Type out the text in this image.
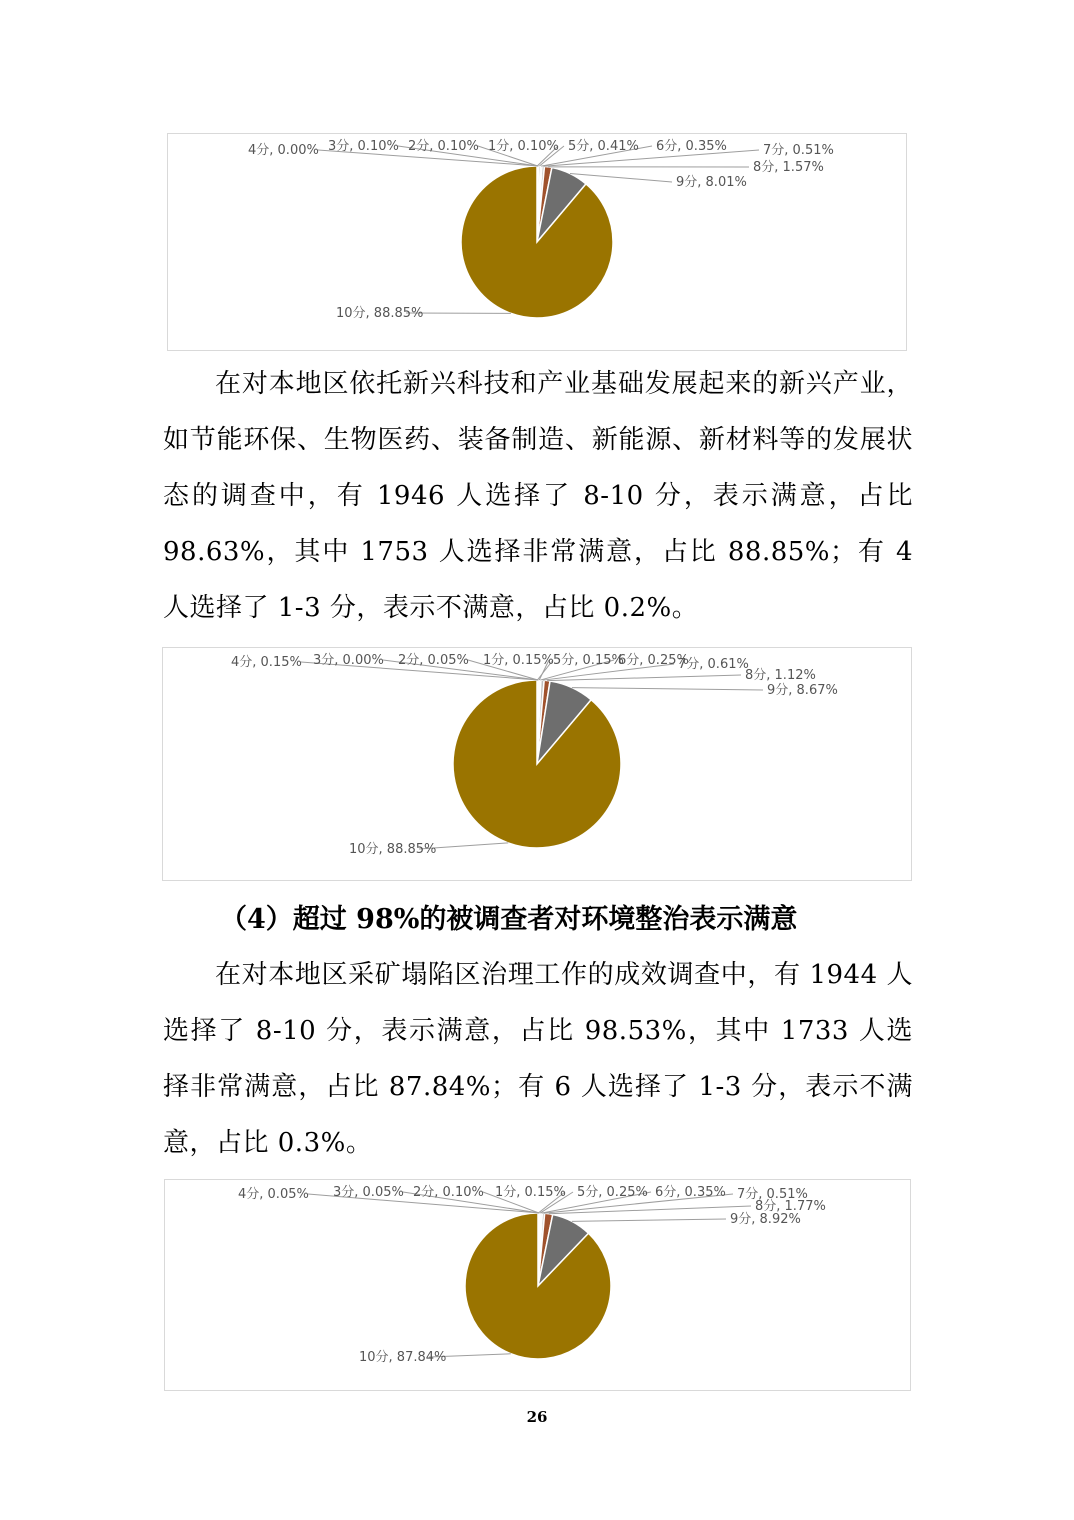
1分, 0.10%
2分, 0.10%
3分, 0.10%
4分, 0.00%	5分, 0.41% 6分, 0.35%	7分, 0.51%
8分, 1.57%
9分, 8.01%
10分, 88.85%

在对本地区依托新兴科技和产业基础发展起来的新兴产业，如节能环保、生物医药、装备制造、新能源、新材料等的发展状态的调查中，有 1946 人选择了 8-10 分，表示满意，占比 98.63%，其中 1753 人选择非常满意，占比 88.85%；有 4 人选择了 1-3 分，表示不满意，占比 0.2%。

1分, 0.15%
2分, 0.05%
3分, 0.00%
4分, 0.15%	5分, 0.15%
6分, 0.25%
7分, 0.61%
8分, 1.12%
9分, 8.67%
10分, 88.85%
（4）超过 98%的被调查者对环境整治表示满意

在对本地区采矿塌陷区治理工作的成效调查中，有 1944 人选择了 8-10 分，表示满意，占比 98.53%，其中 1733 人选择非常满意，占比 87.84%；有 6 人选择了 1-3 分，表示不满意，占比 0.3%。

1分, 0.15%
2分, 0.10%
3分, 0.05%
4分, 0.05%	5分, 0.25% 6分, 0.35% 7分, 0.51%
8分, 1.77%
9分, 8.92%
10分, 87.84%
26
